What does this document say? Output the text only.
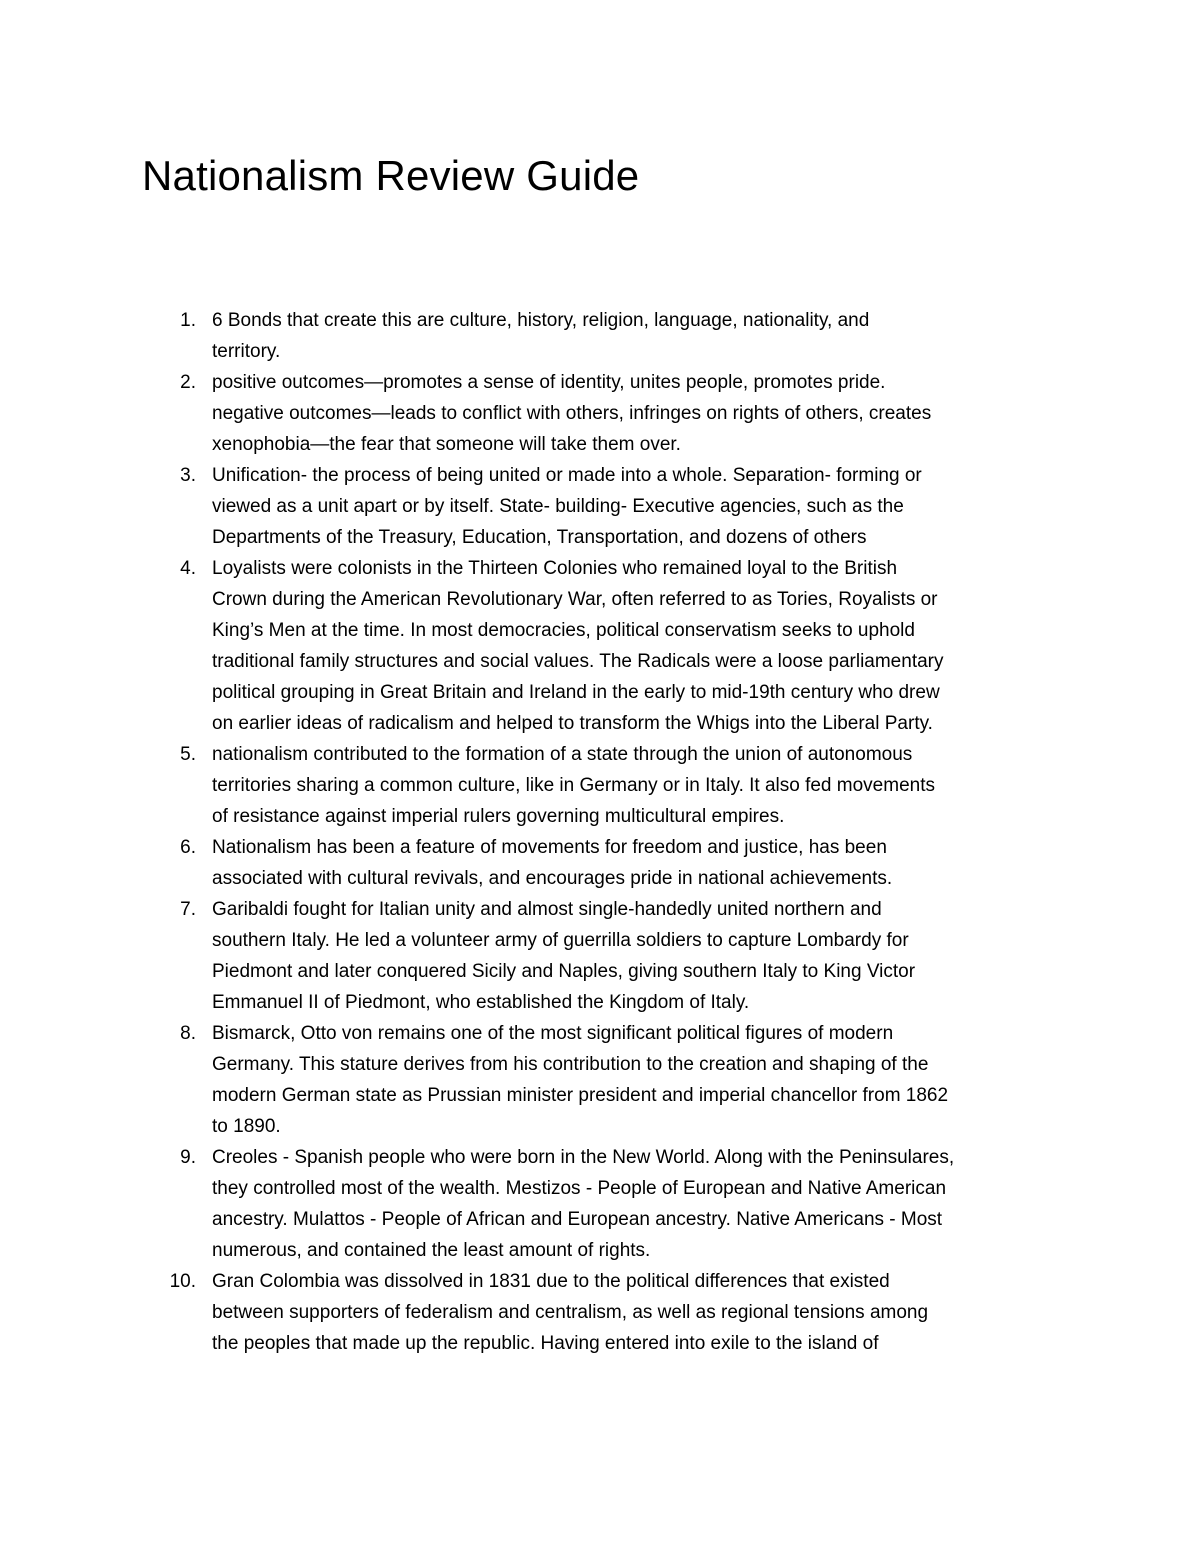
Nationalism Review Guide
1. 6 Bonds that create this are culture, history, religion, language, nationality, and
territory.
2. positive outcomes—promotes a sense of identity, unites people, promotes pride.
negative outcomes—leads to conflict with others, infringes on rights of others, creates
xenophobia—the fear that someone will take them over.
3. Unification- the process of being united or made into a whole. Separation- forming or
viewed as a unit apart or by itself. State- building- Executive agencies, such as the
Departments of the Treasury, Education, Transportation, and dozens of others
4. Loyalists were colonists in the Thirteen Colonies who remained loyal to the British
Crown during the American Revolutionary War, often referred to as Tories, Royalists or
King’s Men at the time. In most democracies, political conservatism seeks to uphold
traditional family structures and social values. The Radicals were a loose parliamentary
political grouping in Great Britain and Ireland in the early to mid-19th century who drew
on earlier ideas of radicalism and helped to transform the Whigs into the Liberal Party.
5. nationalism contributed to the formation of a state through the union of autonomous
territories sharing a common culture, like in Germany or in Italy. It also fed movements
of resistance against imperial rulers governing multicultural empires.
6. Nationalism has been a feature of movements for freedom and justice, has been
associated with cultural revivals, and encourages pride in national achievements.
7. Garibaldi fought for Italian unity and almost single-handedly united northern and
southern Italy. He led a volunteer army of guerrilla soldiers to capture Lombardy for
Piedmont and later conquered Sicily and Naples, giving southern Italy to King Victor
Emmanuel II of Piedmont, who established the Kingdom of Italy.
8. Bismarck, Otto von remains one of the most significant political figures of modern
Germany. This stature derives from his contribution to the creation and shaping of the
modern German state as Prussian minister president and imperial chancellor from 1862
to 1890.
9. Creoles - Spanish people who were born in the New World. Along with the Peninsulares,
they controlled most of the wealth. Mestizos - People of European and Native American
ancestry. Mulattos - People of African and European ancestry. Native Americans - Most
numerous, and contained the least amount of rights.
10. Gran Colombia was dissolved in 1831 due to the political differences that existed
between supporters of federalism and centralism, as well as regional tensions among
the peoples that made up the republic. Having entered into exile to the island of
